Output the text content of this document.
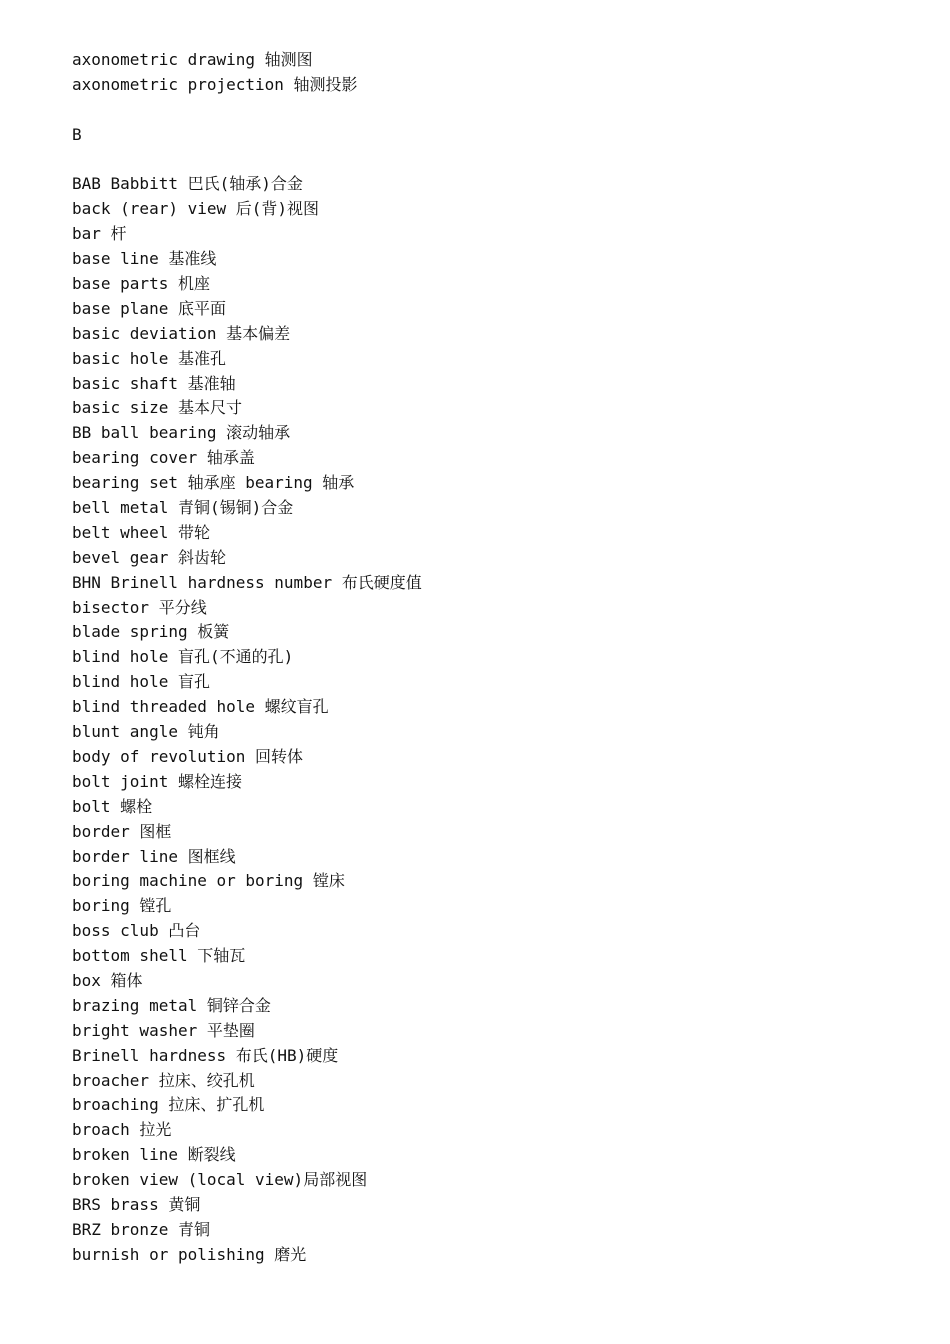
axonometric drawing 轴测图
axonometric projection 轴测投影
B
BAB Babbitt 巴氏(轴承)合金
back (rear) view 后(背)视图
bar 杆
base line 基准线
base parts 机座
base plane 底平面
basic deviation 基本偏差
basic hole 基准孔
basic shaft 基准轴
basic size 基本尺寸
BB ball bearing 滚动轴承
bearing cover 轴承盖
bearing set 轴承座 bearing 轴承
bell metal 青铜(锡铜)合金
belt wheel 带轮
bevel gear 斜齿轮
BHN Brinell hardness number 布氏硬度值
bisector 平分线
blade spring 板簧
blind hole 盲孔(不通的孔)
blind hole 盲孔
blind threaded hole 螺纹盲孔
blunt angle 钝角
body of revolution 回转体
bolt joint 螺栓连接
bolt 螺栓
border 图框
border line 图框线
boring machine or boring 镗床
boring 镗孔
boss club 凸台
bottom shell 下轴瓦
box 箱体
brazing metal 铜锌合金
bright washer 平垫圈
Brinell hardness 布氏(HB)硬度
broacher 拉床、绞孔机
broaching 拉床、扩孔机
broach 拉光
broken line 断裂线
broken view (local view)局部视图
BRS brass 黄铜
BRZ bronze 青铜
burnish or polishing 磨光
